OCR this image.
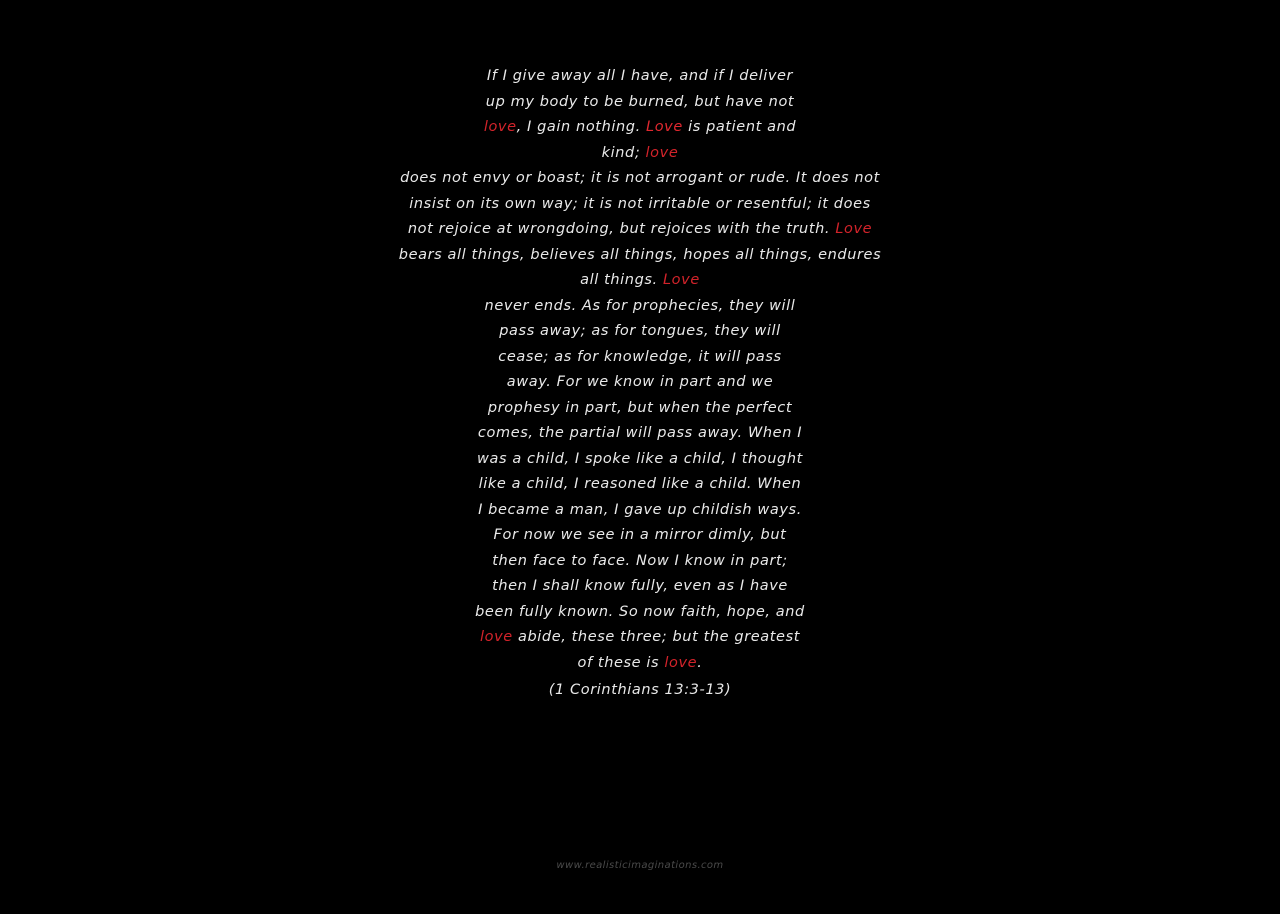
If I give away all I have, and if I deliver up my body to be burned, but have not love, I gain nothing. Love is patient and kind; love
does not envy or boast; it is not arrogant or rude. It does not insist on its own way; it is not irritable or resentful; it does not rejoice at wrongdoing, but rejoices with the truth. Love bears all things, believes all things, hopes all things, endures all things. Love
never ends. As for prophecies, they will pass away; as for tongues, they will cease; as for knowledge, it will pass away. For we know in part and we prophesy in part, but when the perfect comes, the partial will pass away. When I was a child, I spoke like a child, I thought like a child, I reasoned like a child. When I became a man, I gave up childish ways. For now we see in a mirror dimly, but then face to face. Now I know in part; then I shall know fully, even as I have been fully known. So now faith, hope, and love abide, these three; but the greatest of these is love.
(1 Corinthians 13:3-13)
www.realisticimaginations.com
